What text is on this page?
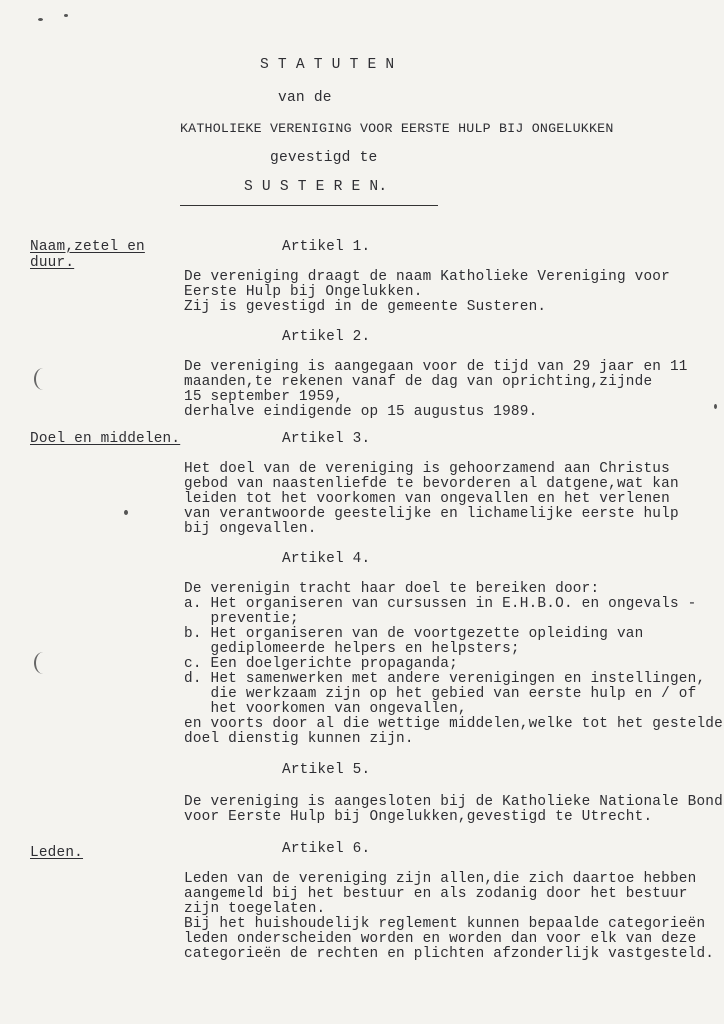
S T A T U T E N
van de
KATHOLIEKE VERENIGING VOOR EERSTE HULP BIJ ONGELUKKEN
gevestigd te
S U S T E R E N.
Naam,zetel en
duur.
Doel en middelen.
Leden.
Artikel 1.
De vereniging draagt de naam Katholieke Vereniging voor
Eerste Hulp bij Ongelukken.
Zij is gevestigd in de gemeente Susteren.
Artikel 2.
De vereniging is aangegaan voor de tijd van 29 jaar en 11
maanden,te rekenen vanaf de dag van oprichting,zijnde
15 september 1959,
derhalve eindigende op 15 augustus 1989.
Artikel 3.
Het doel van de vereniging is gehoorzamend aan Christus
gebod van naastenliefde te bevorderen al datgene,wat kan
leiden tot het voorkomen van ongevallen en het verlenen
van verantwoorde geestelijke en lichamelijke eerste hulp
bij ongevallen.
Artikel 4.
De verenigin tracht haar doel te bereiken door:
a. Het organiseren van cursussen in E.H.B.O. en ongevals -
preventie;
b. Het organiseren van de voortgezette opleiding van
gediplomeerde helpers en helpsters;
c. Een doelgerichte propaganda;
d. Het samenwerken met andere verenigingen en instellingen,
die werkzaam zijn op het gebied van eerste hulp en / of
het voorkomen van ongevallen,
en voorts door al die wettige middelen,welke tot het gestelde
doel dienstig kunnen zijn.
Artikel 5.
De vereniging is aangesloten bij de Katholieke Nationale Bond
voor Eerste Hulp bij Ongelukken,gevestigd te Utrecht.
Artikel 6.
Leden van de vereniging zijn allen,die zich daartoe hebben
aangemeld bij het bestuur en als zodanig door het bestuur
zijn toegelaten.
Bij het huishoudelijk reglement kunnen bepaalde categorieën
leden onderscheiden worden en worden dan voor elk van deze
categorieën de rechten en plichten afzonderlijk vastgesteld.
